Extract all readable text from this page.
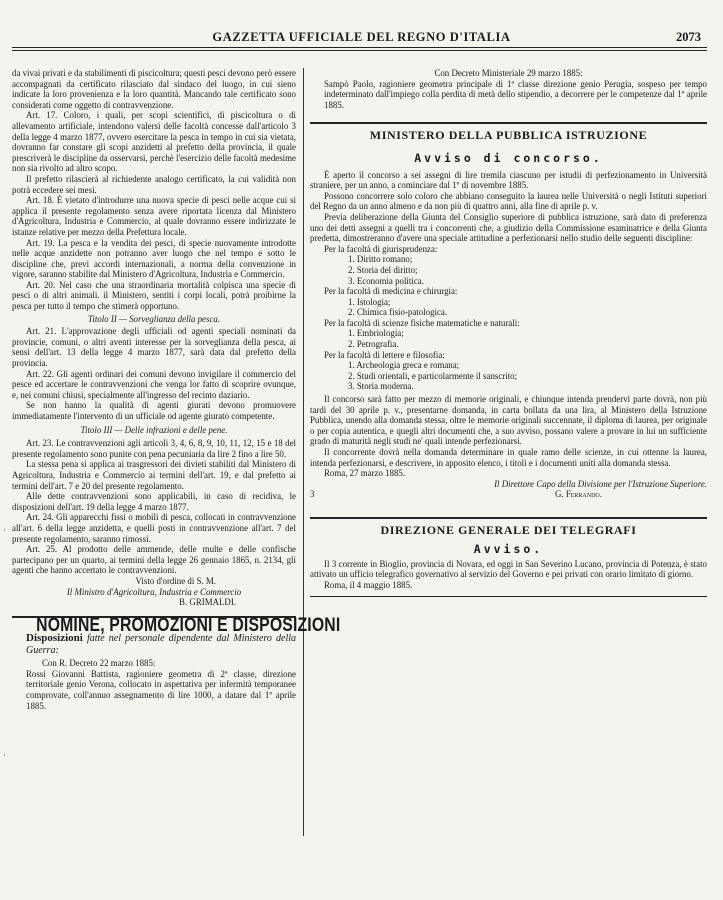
GAZZETTA UFFICIALE DEL REGNO D'ITALIA	2073

da vivai privati e da stabilimenti di piscicoltura; questi pesci devono però essere accompagnati da certificato rilasciato dal sindaco del luogo, in cui sieno indicate la loro provenienza e la loro quantità. Mancando tale certificato sono considerati come oggetto di contravvenzione.

Art. 17. Coloro, i quali, per scopi scientifici, di piscicoltura o di allevamento artificiale, intendono valersi delle facoltà concesse dall'articolo 3 della legge 4 marzo 1877, ovvero esercitare la pesca in tempo in cui sia vietata, dovranno far constare gli scopi anzidetti al prefetto della provincia, il quale prescriverà le discipline da osservarsi, perchè l'esercizio delle facoltà medesime non sia rivolto ad altro scopo.

Il prefetto rilascierà al richiedente analogo certificato, la cui validità non potrà eccedere sei mesi.

Art. 18. È vietato d'introdurre una nuova specie di pesci nelle acque cui si applica il presente regolamento senza avere riportata licenza dal Ministero d'Agricoltura, Industria e Commercio, al quale dovranno essere indirizzate le istanze relative per mezzo della Prefettura locale.

Art. 19. La pesca e la vendita dei pesci, di specie nuovamente introdotte nelle acque anzidette non potranno aver luogo che nel tempo e sotto le discipline che, previ accordi internazionali, a norma della convenzione in vigore, saranno stabilite dal Ministero d'Agricoltura, Industria e Commercio.

Art. 20. Nel caso che una straordinaria mortalità colpisca una specie di pesci o di altri animali. il Ministero, sentiti i corpi locali, potrà proibirne la pesca per tutto il tempo che stimerà opportuno.

Titolo II — Sorveglianza della pesca.

Art. 21. L'approvazione degli ufficiali od agenti speciali nominati da provincie, comuni, o altri aventi interesse per la sorveglianza della pesca, ai sensi dell'art. 13 della legge 4 marzo 1877, sarà data dal prefetto della provincia.

Art. 22. Gli agenti ordinari dei comuni devono invigilare il commercio del pesce ed accertare le contravvenzioni che venga lor fatto di scoprire ovunque, e, nei comuni chiusi, specialmente all'ingresso del recinto daziario.

Se non hanno la qualità di agenti giurati devono promuovere immediatamente l'intervento di un ufficiale od agente giurato competente.

Titolo III — Delle infrazioni e delle pene.

Art. 23. Le contravvenzioni agli articoli 3, 4, 6, 8, 9, 10, 11, 12, 15 e 18 del presente regolamento sono punite con pena pecuniaria da lire 2 fino a lire 50.

La stessa pena si applica ai trasgressori dei divieti stabiliti dal Ministero di Agricoltura, Industria e Commercio ai termini dell'art. 19, e dal prefetto ai termini dell'art. 7 e 20 del presente regolamento.

Alle dette contravvenzioni sono applicabili, in caso di recidiva, le disposizioni dell'art. 19 della legge 4 marzo 1877.

Art. 24. Gli apparecchi fissi o mobili di pesca, collocati in contravvenzione all'art. 6 della legge anzidetta, e quelli posti in contravvenzione all'art. 7 del presente regolamento, saranno rimossi.

Art. 25. Al prodotto delle ammende, delle multe e delle confische partecipano per un quarto, ai termini della legge 26 gennaio 1865, n. 2134, gli agenti che hanno accertato le contravvenzioni.

Visto d'ordine di S. M.

Il Ministro d'Agricoltura, Industria e Commercio

B. GRIMALDI.

NOMINE, PROMOZIONI E DISPOSIZIONI

Disposizioni fatte nel personale dipendente dal Ministero della Guerra:

Con R. Decreto 22 marzo 1885:

Rossi Giovanni Battista, ragioniere geometra di 2ª classe, direzione territoriale genio Verona, collocato in aspettativa per infermità temporanee comprovate, coll'annuo assegnamento di lire 1000, a datare dal 1º aprile 1885.

Con Decreto Ministeriale 29 marzo 1885:

Sampò Paolo, ragioniere geometra principale di 1ª classe direzione genio Perugia, sospeso per tempo indeterminato dall'impiego colla perdita di metà dello stipendio, a decorrere per le competenze dal 1º aprile 1885.

MINISTERO DELLA PUBBLICA ISTRUZIONE
Avviso di concorso.

È aperto il concorso a sei assegni di lire tremila ciascuno per istudii di perfezionamento in Università straniere, per un anno, a cominciare dal 1º di novembre 1885.

Possono concorrere solo coloro che abbiano conseguito la laurea nelle Università o negli Istituti superiori del Regno da un anno almeno e da non più di quattro anni, alla fine di aprile p. v.

Previa deliberazione della Giunta del Consiglio superiore di pubblica istruzione, sarà dato di preferenza uno dei detti assegni a quelli tra i concorrenti che, a giudizio della Commissione esaminatrice e della Giunta predetta, dimostreranno d'avere una speciale attitudine a perfezionarsi nello studio delle seguenti discipline:

Per la facoltà di giurisprudenza:

1. Diritto romano;

2. Storia del diritto;

3. Economia politica.

Per la facoltà di medicina e chirurgia:

1. Istologia;

2. Chimica fisio-patologica.

Per la facoltà di scienze fisiche matematiche e naturali:

1. Embriologia;

2. Petrografia.

Per la facoltà di lettere e filosofia:

1. Archeologia greca e romana;

2. Studi orientali, e particolarmente il sanscrito;

3. Storia moderna.

Il concorso sarà fatto per mezzo di memorie originali, e chiunque intenda prendervi parte dovrà, non più tardi del 30 aprile p. v., presentarne domanda, in carta bollata da una lira, al Ministero della Istruzione Pubblica, unendo alla domanda stessa, oltre le memorie originali succennate, il diploma di laurea, per originale o per copia autentica, e quegli altri documenti che, a suo avviso, possano valere a provare in lui un sufficiente grado di maturità negli studi ne' quali intende perfezionarsi.

Il concorrente dovrà nella domanda determinare in quale ramo delle scienze, in cui ottenne la laurea, intenda perfezionarsi, e descrivere, in apposito elenco, i titoli e i documenti uniti alla domanda stessa.

Roma, 27 marzo 1885.

Il Direttore Capo della Divisione per l'Istruzione Superiore.

3	G. Ferrando.
DIREZIONE GENERALE DEI TELEGRAFI
Avviso.

Il 3 corrente in Bioglio, provincia di Novara, ed oggi in San Severino Lucano, provincia di Potenza, è stato attivato un ufficio telegrafico governativo al servizio del Governo e pei privati con orario limitato di giorno.

Roma, il 4 maggio 1885.

·
·
